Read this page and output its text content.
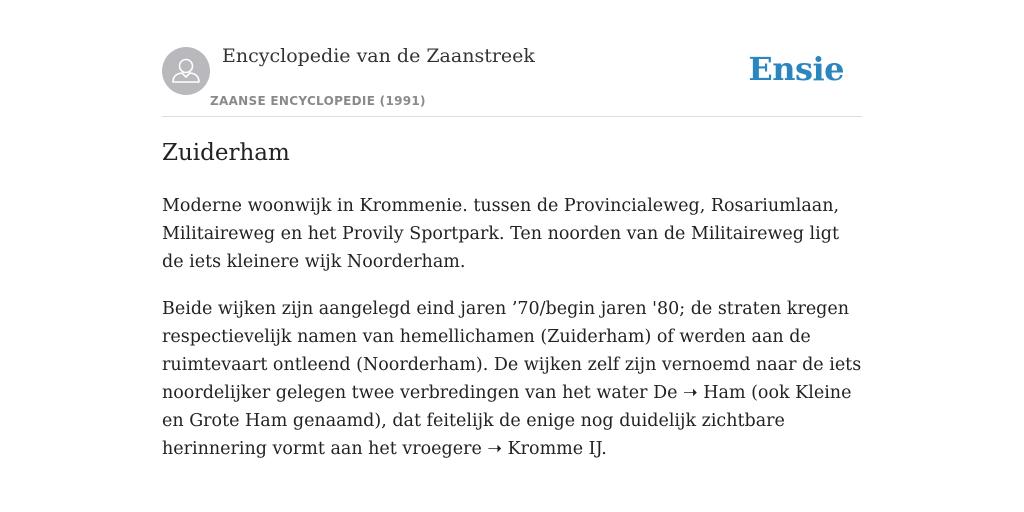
Encyclopedie van de Zaanstreek
ZAANSE ENCYCLOPEDIE (1991)
Ensie
Zuiderham

Moderne woonwijk in Krommenie. tussen de Provincialeweg, Rosariumlaan, Militaireweg en het Provily Sportpark. Ten noorden van de Militaireweg ligt de iets kleinere wijk Noorderham.

Beide wijken zijn aangelegd eind jaren ’70/begin jaren '80; de straten kregen respectievelijk namen van hemellichamen (Zuiderham) of werden aan de ruimtevaart ontleend (Noorderham). De wijken zelf zijn vernoemd naar de iets noordelijker gelegen twee verbredingen van het water De ➝ Ham (ook Kleine en Grote Ham genaamd), dat feitelijk de enige nog duidelijk zichtbare herinnering vormt aan het vroegere ➝ Kromme IJ.
